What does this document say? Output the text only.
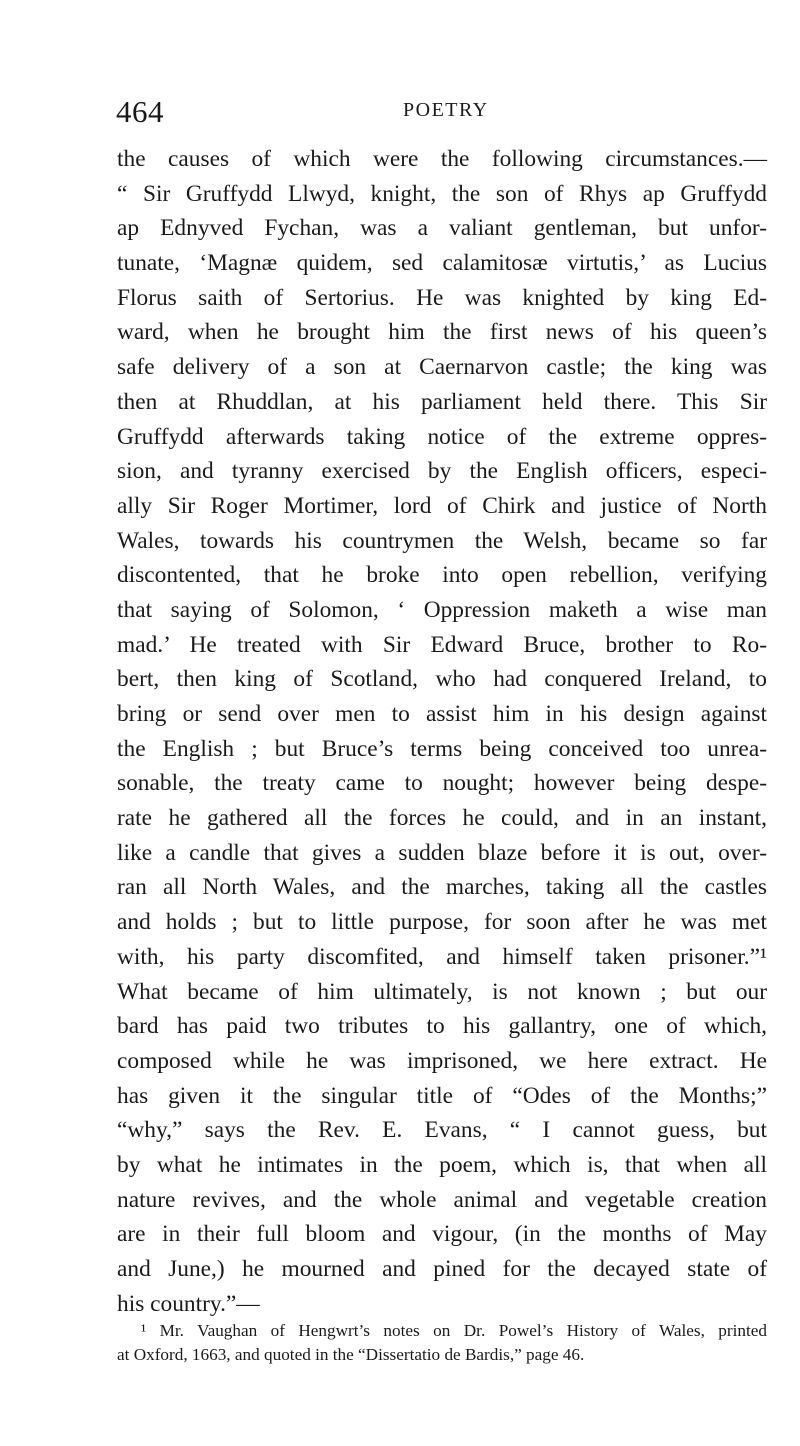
464	POETRY
the causes of which were the following circumstances.—
“ Sir Gruffydd Llwyd, knight, the son of Rhys ap Gruffydd
ap Ednyved Fychan, was a valiant gentleman, but unfor-
tunate, ‘Magnæ quidem, sed calamitosæ virtutis,’ as Lucius
Florus saith of Sertorius. He was knighted by king Ed-
ward, when he brought him the first news of his queen’s
safe delivery of a son at Caernarvon castle; the king was
then at Rhuddlan, at his parliament held there. This Sir
Gruffydd afterwards taking notice of the extreme oppres-
sion, and tyranny exercised by the English officers, especi-
ally Sir Roger Mortimer, lord of Chirk and justice of North
Wales, towards his countrymen the Welsh, became so far
discontented, that he broke into open rebellion, verifying
that saying of Solomon, ‘ Oppression maketh a wise man
mad.’ He treated with Sir Edward Bruce, brother to Ro-
bert, then king of Scotland, who had conquered Ireland, to
bring or send over men to assist him in his design against
the English ; but Bruce’s terms being conceived too unrea-
sonable, the treaty came to nought; however being despe-
rate he gathered all the forces he could, and in an instant,
like a candle that gives a sudden blaze before it is out, over-
ran all North Wales, and the marches, taking all the castles
and holds ; but to little purpose, for soon after he was met
with, his party discomfited, and himself taken prisoner.”¹
What became of him ultimately, is not known ; but our
bard has paid two tributes to his gallantry, one of which,
composed while he was imprisoned, we here extract. He
has given it the singular title of “Odes of the Months;”
“why,” says the Rev. E. Evans, “ I cannot guess, but
by what he intimates in the poem, which is, that when all
nature revives, and the whole animal and vegetable creation
are in their full bloom and vigour, (in the months of May
and June,) he mourned and pined for the decayed state of
his country.”—
¹ Mr. Vaughan of Hengwrt’s notes on Dr. Powel’s History of Wales, printed
at Oxford, 1663, and quoted in the “Dissertatio de Bardis,” page 46.
